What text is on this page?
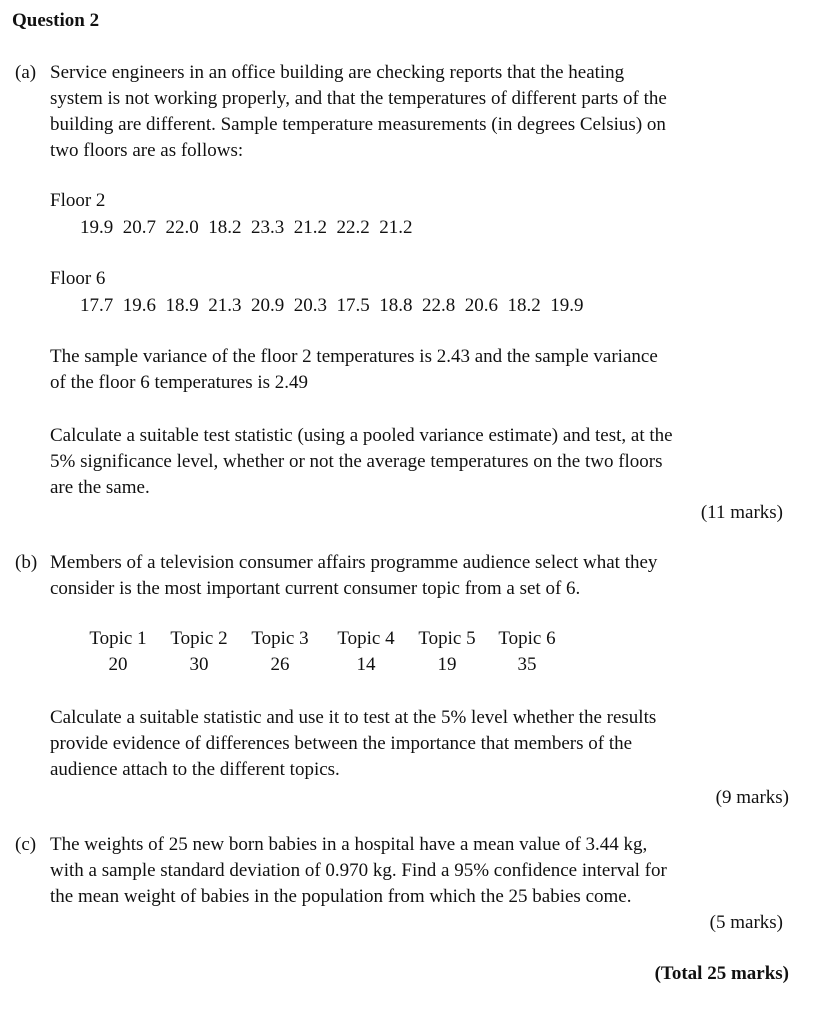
Question 2
(a) Service engineers in an office building are checking reports that the heating
system is not working properly, and that the temperatures of different parts of the
building are different. Sample temperature measurements (in degrees Celsius) on
two floors are as follows:
Floor 2
19.9  20.7  22.0  18.2  23.3  21.2  22.2  21.2
Floor 6
17.7  19.6  18.9  21.3  20.9  20.3  17.5  18.8  22.8  20.6  18.2  19.9
The sample variance of the floor 2 temperatures is 2.43 and the sample variance
of the floor 6 temperatures is 2.49
Calculate a suitable test statistic (using a pooled variance estimate) and test, at the
5% significance level, whether or not the average temperatures on the two floors
are the same.
(11 marks)
(b) Members of a television consumer affairs programme audience select what they
consider is the most important current consumer topic from a set of 6.
Topic 1	Topic 2	Topic 3	Topic 4	Topic 5	Topic 6
20	30	26	14	19	35
Calculate a suitable statistic and use it to test at the 5% level whether the results
provide evidence of differences between the importance that members of the
audience attach to the different topics.
(9 marks)
(c) The weights of 25 new born babies in a hospital have a mean value of 3.44 kg,
with a sample standard deviation of 0.970 kg. Find a 95% confidence interval for
the mean weight of babies in the population from which the 25 babies come.
(5 marks)
(Total 25 marks)
